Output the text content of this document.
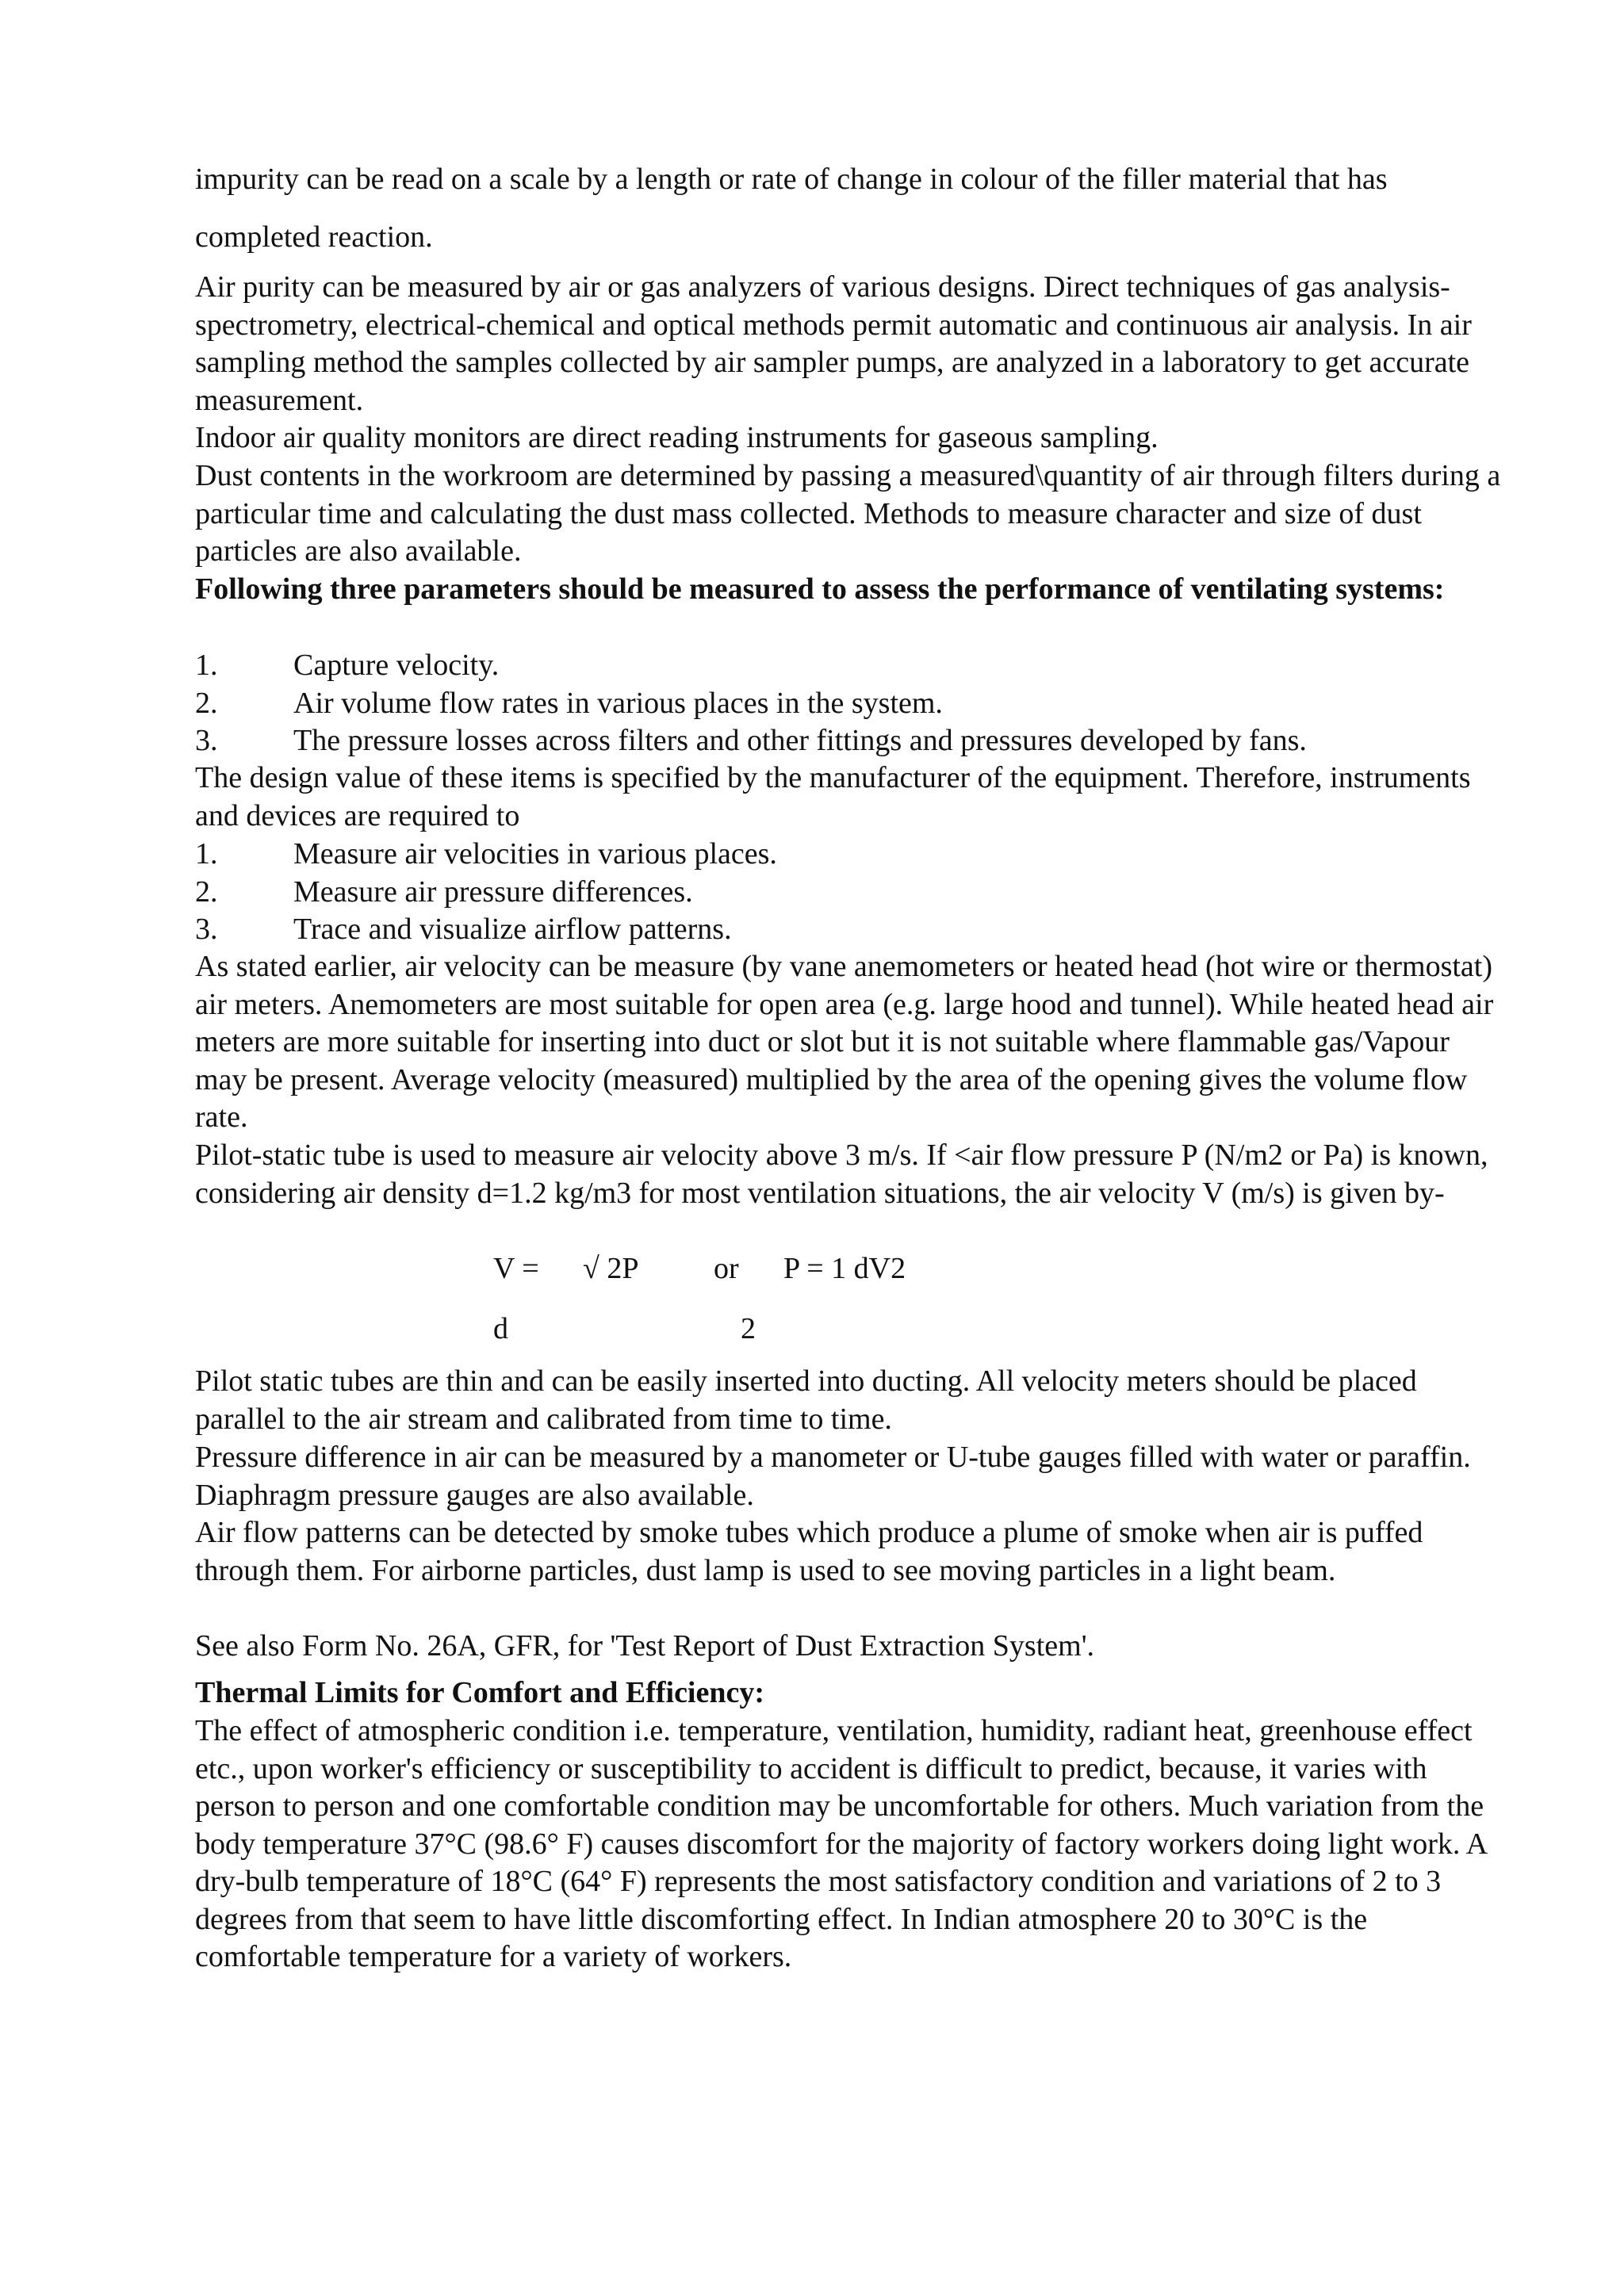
impurity can be read on a scale by a length or rate of change in colour of the filler material that has completed reaction.

Air purity can be measured by air or gas analyzers of various designs. Direct techniques of gas analysis-spectrometry, electrical-chemical and optical methods permit automatic and continuous air analysis. In air sampling method the samples collected by air sampler pumps, are analyzed in a laboratory to get accurate measurement.

Indoor air quality monitors are direct reading instruments for gaseous sampling.

Dust contents in the workroom are determined by passing a measured\quantity of air through filters during a particular time and calculating the dust mass collected. Methods to measure character and size of dust particles are also available.

Following three parameters should be measured to assess the performance of ventilating systems:

1.	Capture velocity.
2.	Air volume flow rates in various places in the system.
3.	The pressure losses across filters and other fittings and pressures developed by fans.

The design value of these items is specified by the manufacturer of the equipment. Therefore, instruments and devices are required to

1.	Measure air velocities in various places.
2.	Measure air pressure differences.
3.	Trace and visualize airflow patterns.

As stated earlier, air velocity can be measure (by vane anemometers or heated head (hot wire or thermostat) air meters. Anemometers are most suitable for open area (e.g. large hood and tunnel). While heated head air meters are more suitable for inserting into duct or slot but it is not suitable where flammable gas/Vapour may be present. Average velocity (measured) multiplied by the area of the opening gives the volume flow rate.

Pilot-static tube is used to measure air velocity above 3 m/s. If <air flow pressure P (N/m2 or Pa) is known, considering air density d=1.2 kg/m3 for most ventilation situations, the air velocity V (m/s) is given by-

V = √ 2P or P = 1 dV2
d	2

Pilot static tubes are thin and can be easily inserted into ducting. All velocity meters should be placed parallel to the air stream and calibrated from time to time.

Pressure difference in air can be measured by a manometer or U-tube gauges filled with water or paraffin. Diaphragm pressure gauges are also available.

Air flow patterns can be detected by smoke tubes which produce a plume of smoke when air is puffed through them. For airborne particles, dust lamp is used to see moving particles in a light beam.

See also Form No. 26A, GFR, for 'Test Report of Dust Extraction System'.

Thermal Limits for Comfort and Efficiency:

The effect of atmospheric condition i.e. temperature, ventilation, humidity, radiant heat, greenhouse effect etc., upon worker's efficiency or susceptibility to accident is difficult to predict, because, it varies with person to person and one comfortable condition may be uncomfortable for others. Much variation from the body temperature 37°C (98.6° F) causes discomfort for the majority of factory workers doing light work. A dry-bulb temperature of 18°C (64° F) represents the most satisfactory condition and variations of 2 to 3 degrees from that seem to have little discomforting effect. In Indian atmosphere 20 to 30°C is the comfortable temperature for a variety of workers.
